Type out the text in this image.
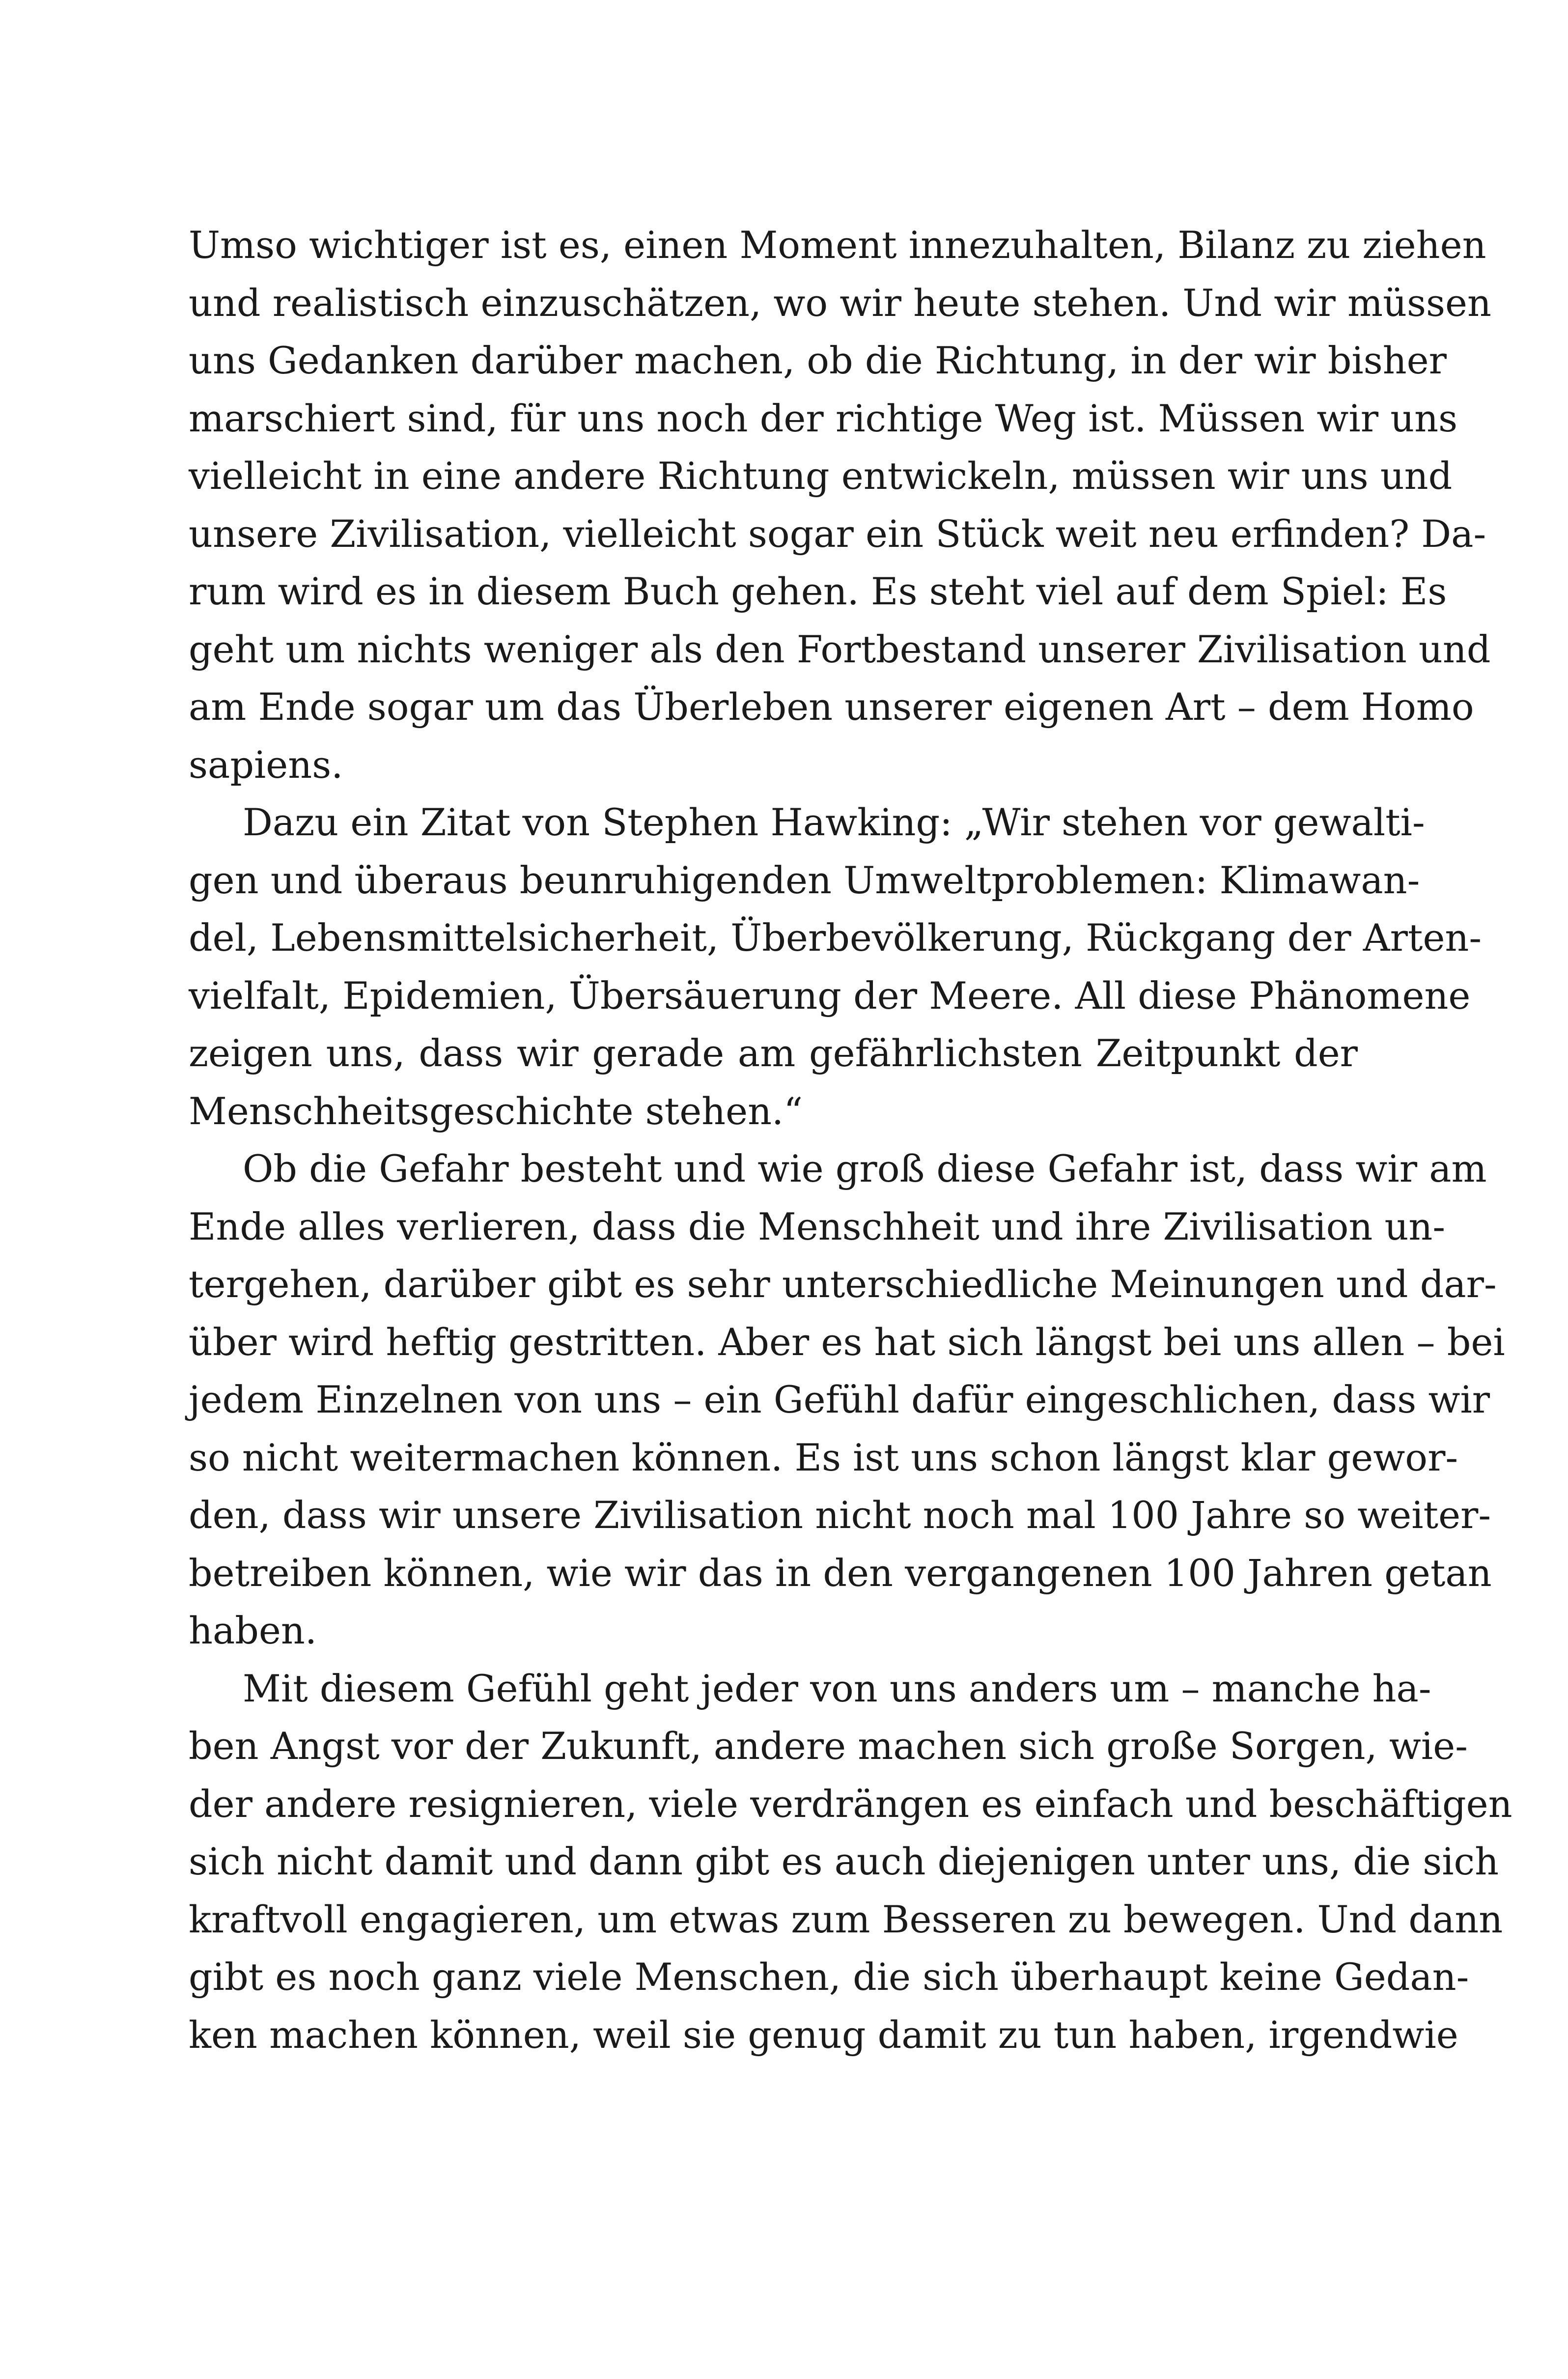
Umso wichtiger ist es, einen Moment innezuhalten, Bilanz zu ziehen
und realistisch einzuschätzen, wo wir heute stehen. Und wir müssen
uns Gedanken darüber machen, ob die Richtung, in der wir bisher
marschiert sind, für uns noch der richtige Weg ist. Müssen wir uns
vielleicht in eine andere Richtung entwickeln, müssen wir uns und
unsere Zivilisation, vielleicht sogar ein Stück weit neu erfinden? Da-
rum wird es in diesem Buch gehen. Es steht viel auf dem Spiel: Es
geht um nichts weniger als den Fortbestand unserer Zivilisation und
am Ende sogar um das Überleben unserer eigenen Art – dem Homo
sapiens.
Dazu ein Zitat von Stephen Hawking: „Wir stehen vor gewalti-
gen und überaus beunruhigenden Umweltproblemen: Klimawan-
del, Lebensmittelsicherheit, Überbevölkerung, Rückgang der Arten-
vielfalt, Epidemien, Übersäuerung der Meere. All diese Phänomene
zeigen uns, dass wir gerade am gefährlichsten Zeitpunkt der
Menschheitsgeschichte stehen.“
Ob die Gefahr besteht und wie groß diese Gefahr ist, dass wir am
Ende alles verlieren, dass die Menschheit und ihre Zivilisation un-
tergehen, darüber gibt es sehr unterschiedliche Meinungen und dar-
über wird heftig gestritten. Aber es hat sich längst bei uns allen – bei
jedem Einzelnen von uns – ein Gefühl dafür eingeschlichen, dass wir
so nicht weitermachen können. Es ist uns schon längst klar gewor-
den, dass wir unsere Zivilisation nicht noch mal 100 Jahre so weiter-
betreiben können, wie wir das in den vergangenen 100 Jahren getan
haben.
Mit diesem Gefühl geht jeder von uns anders um – manche ha-
ben Angst vor der Zukunft, andere machen sich große Sorgen, wie-
der andere resignieren, viele verdrängen es einfach und beschäftigen
sich nicht damit und dann gibt es auch diejenigen unter uns, die sich
kraftvoll engagieren, um etwas zum Besseren zu bewegen. Und dann
gibt es noch ganz viele Menschen, die sich überhaupt keine Gedan-
ken machen können, weil sie genug damit zu tun haben, irgendwie
